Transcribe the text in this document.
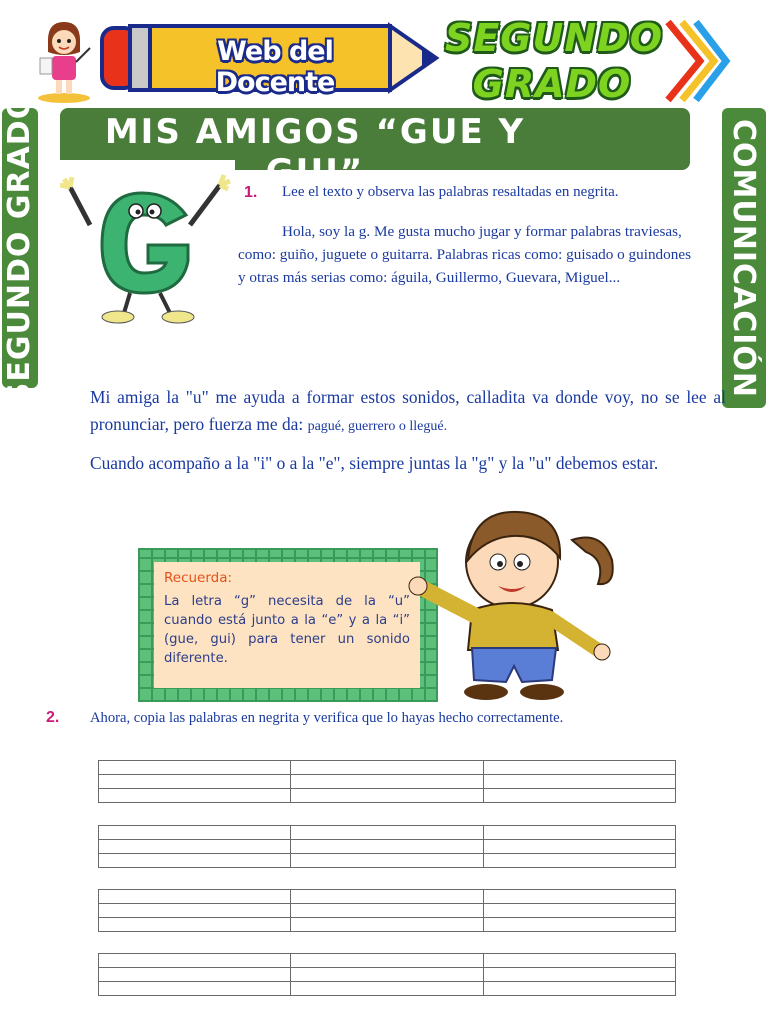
Web del Docente
SEGUNDO
GRADO
SEGUNDO GRADO	COMUNICACIÓN
MIS AMIGOS “GUE Y GUI”
1. Lee el texto y observa las palabras resaltadas en negrita.

Hola, soy la g. Me gusta mucho jugar y formar palabras traviesas, como: guiño, juguete o guitarra. Palabras ricas como: guisado o guindones y otras más serias como: águila, Guillermo, Guevara, Miguel...

Mi amiga la "u" me ayuda a formar estos sonidos, calladita va donde voy, no se lee al pronunciar, pero fuerza me da: pagué, guerrero o llegué.

Cuando acompaño a la "i" o a la "e", siempre juntas la "g" y la "u" debemos estar.

Recuerda:
La letra “g” necesita de la “u” cuando está junto a la “e” y a la “i” (gue, gui) para tener un sonido diferente.
2. Ahora, copia las palabras en negrita y verifica que lo hayas hecho correctamente.
